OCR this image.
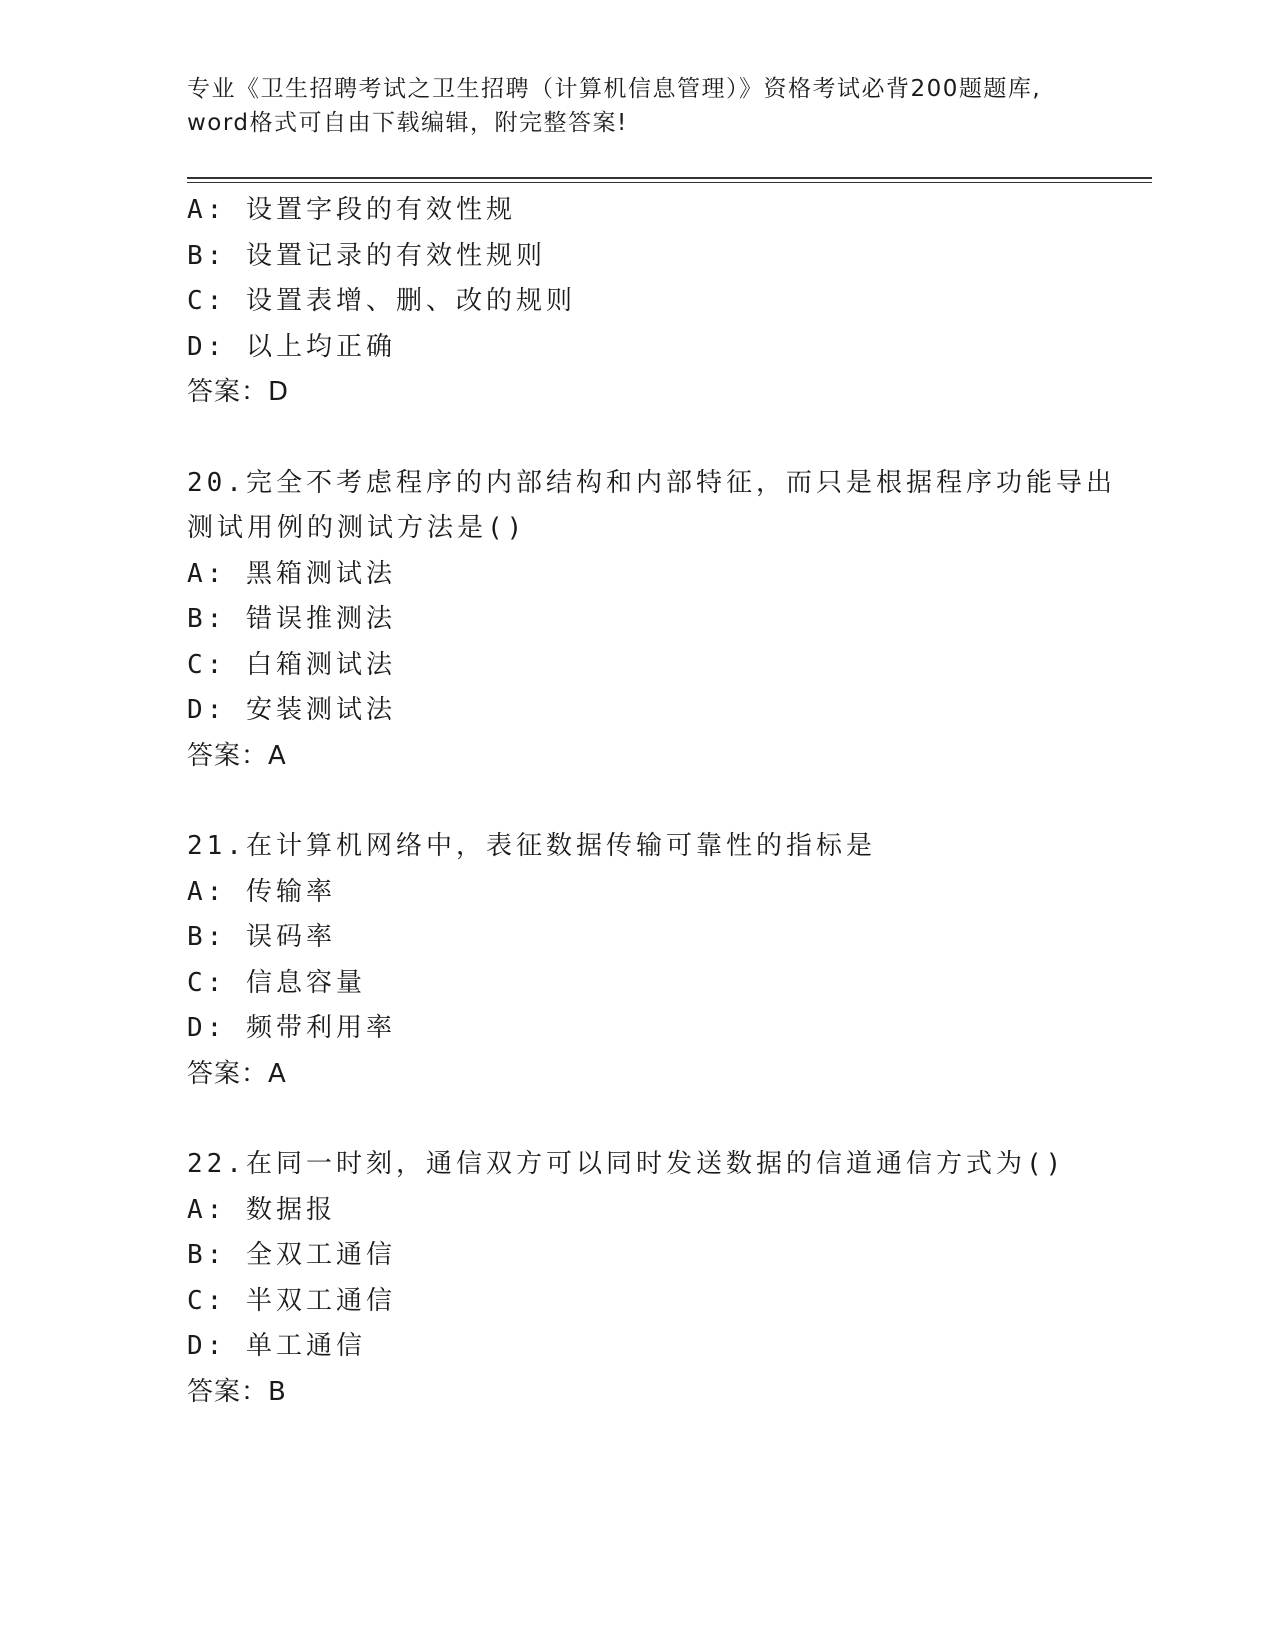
专业《卫生招聘考试之卫生招聘（计算机信息管理）》资格考试必背200题题库,
word格式可自由下载编辑，附完整答案!
A: 设置字段的有效性规
B: 设置记录的有效性规则
C: 设置表增、删、改的规则
D: 以上均正确
答案：D
20.完全不考虑程序的内部结构和内部特征，而只是根据程序功能导出
测试用例的测试方法是()
A: 黑箱测试法
B: 错误推测法
C: 白箱测试法
D: 安装测试法
答案：A
21.在计算机网络中，表征数据传输可靠性的指标是
A: 传输率
B: 误码率
C: 信息容量
D: 频带利用率
答案：A
22.在同一时刻，通信双方可以同时发送数据的信道通信方式为()
A: 数据报
B: 全双工通信
C: 半双工通信
D: 单工通信
答案：B
